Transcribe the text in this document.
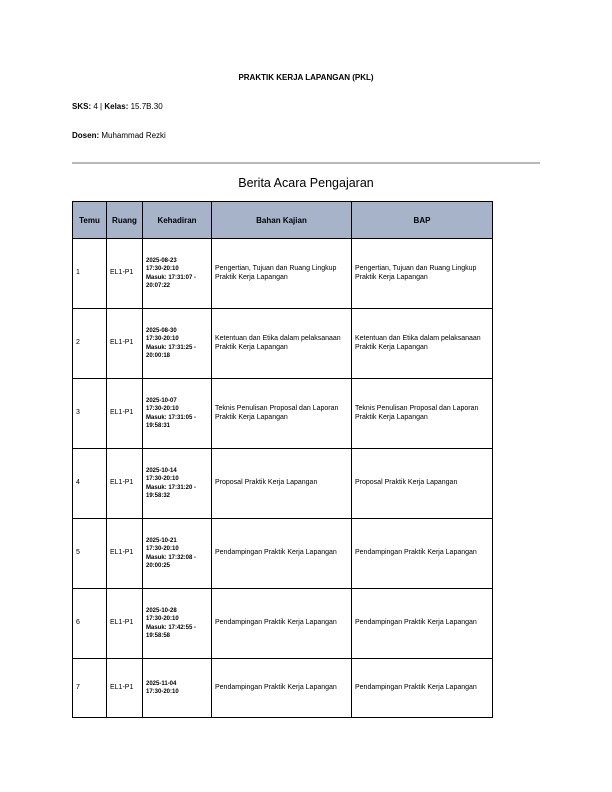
PRAKTIK KERJA LAPANGAN (PKL)
SKS: 4 | Kelas: 15.7B.30
Dosen: Muhammad Rezki
Berita Acara Pengajaran
Temu	Ruang	Kehadiran	Bahan Kajian	BAP
1	EL1-P1	2025-08-23
17:30-20:10
Masuk: 17:31:07 - 20:07:22	Pengertian, Tujuan dan Ruang Lingkup Praktik Kerja Lapangan	Pengertian, Tujuan dan Ruang Lingkup Praktik Kerja Lapangan
2	EL1-P1	2025-08-30
17:30-20:10
Masuk: 17:31:25 - 20:00:18	Ketentuan dan Etika dalam pelaksanaan Praktik Kerja Lapangan	Ketentuan dan Etika dalam pelaksanaan Praktik Kerja Lapangan
3	EL1-P1	2025-10-07
17:30-20:10
Masuk: 17:31:05 - 19:58:31	Teknis Penulisan Proposal dan Laporan Praktik Kerja Lapangan	Teknis Penulisan Proposal dan Laporan Praktik Kerja Lapangan
4	EL1-P1	2025-10-14
17:30-20:10
Masuk: 17:31:20 - 19:58:32	Proposal Praktik Kerja Lapangan	Proposal Praktik Kerja Lapangan
5	EL1-P1	2025-10-21
17:30-20:10
Masuk: 17:32:08 - 20:00:25	Pendampingan Praktik Kerja Lapangan	Pendampingan Praktik Kerja Lapangan
6	EL1-P1	2025-10-28
17:30-20:10
Masuk: 17:42:55 - 19:58:58	Pendampingan Praktik Kerja Lapangan	Pendampingan Praktik Kerja Lapangan
7	EL1-P1	2025-11-04
17:30-20:10	Pendampingan Praktik Kerja Lapangan	Pendampingan Praktik Kerja Lapangan
